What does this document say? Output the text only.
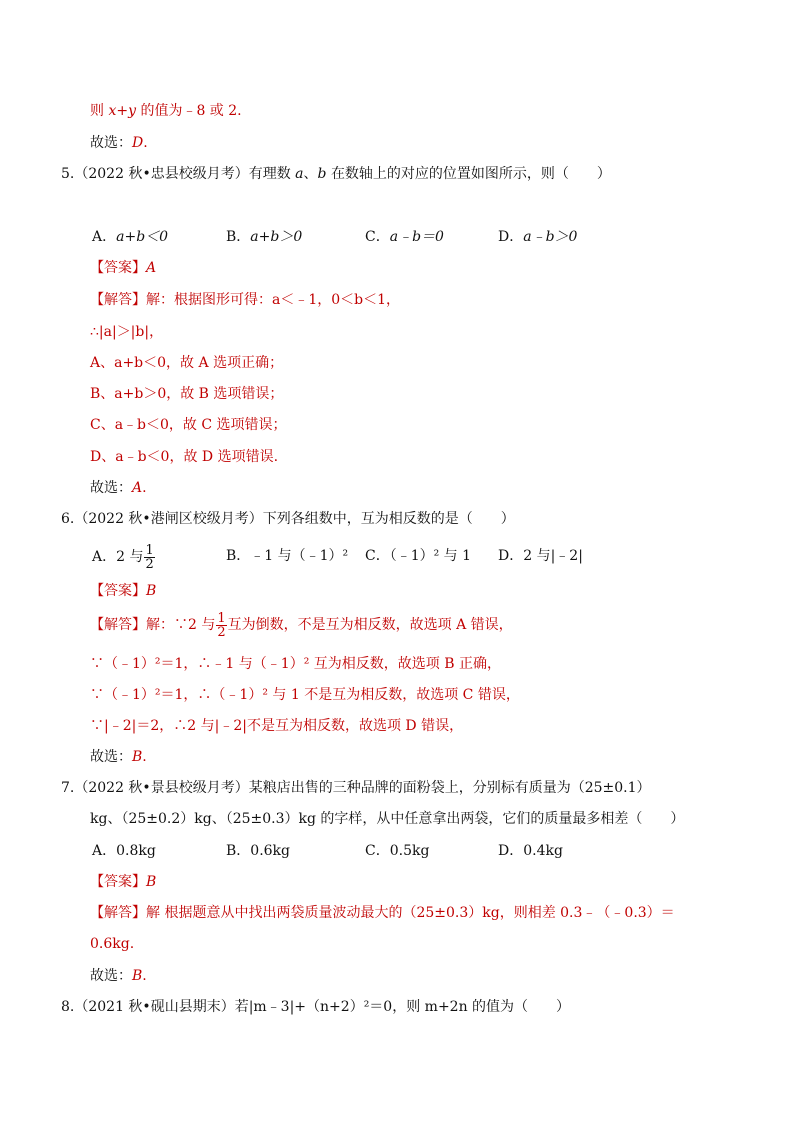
则 x+y 的值为﹣8 或 2.
故选：D.
5.（2022 秋•忠县校级月考）有理数 a、b 在数轴上的对应的位置如图所示，则（　　）
A．a+b＜0	B．a+b＞0	C．a﹣b＝0	D．a﹣b＞0
【答案】A
【解答】解：根据图形可得：a＜﹣1，0＜b＜1，
∴|a|＞|b|，
A、a+b＜0，故 A 选项正确；
B、a+b＞0，故 B 选项错误；
C、a﹣b＜0，故 C 选项错误；
D、a﹣b＜0，故 D 选项错误.
故选：A.
6.（2022 秋•港闸区校级月考）下列各组数中，互为相反数的是（　　）
A．2 与 $\frac{1}{2}$	B．﹣1 与（﹣1）² C．（﹣1）² 与 1 D．2 与|﹣2|
【答案】B
【解答】解：∵2 与 $\frac{1}{2}$ 互为倒数，不是互为相反数，故选项 A 错误，
∵（﹣1）²＝1，∴﹣1 与（﹣1）² 互为相反数，故选项 B 正确，
∵（﹣1）²＝1，∴（﹣1）² 与 1 不是互为相反数，故选项 C 错误，
∵|﹣2|＝2，∴2 与|﹣2|不是互为相反数，故选项 D 错误，
故选：B.
7.（2022 秋•景县校级月考）某粮店出售的三种品牌的面粉袋上，分别标有质量为（25±0.1）
kg、（25±0.2）kg、（25±0.3）kg 的字样，从中任意拿出两袋，它们的质量最多相差（　　）
A．0.8kg	B．0.6kg	C．0.5kg	D．0.4kg
【答案】B
【解答】解 根据题意从中找出两袋质量波动最大的（25±0.3）kg，则相差 0.3﹣（﹣0.3）＝
0.6kg.
故选：B.
8.（2021 秋•砚山县期末）若|m﹣3|+（n+2）²＝0，则 m+2n 的值为（　　）
